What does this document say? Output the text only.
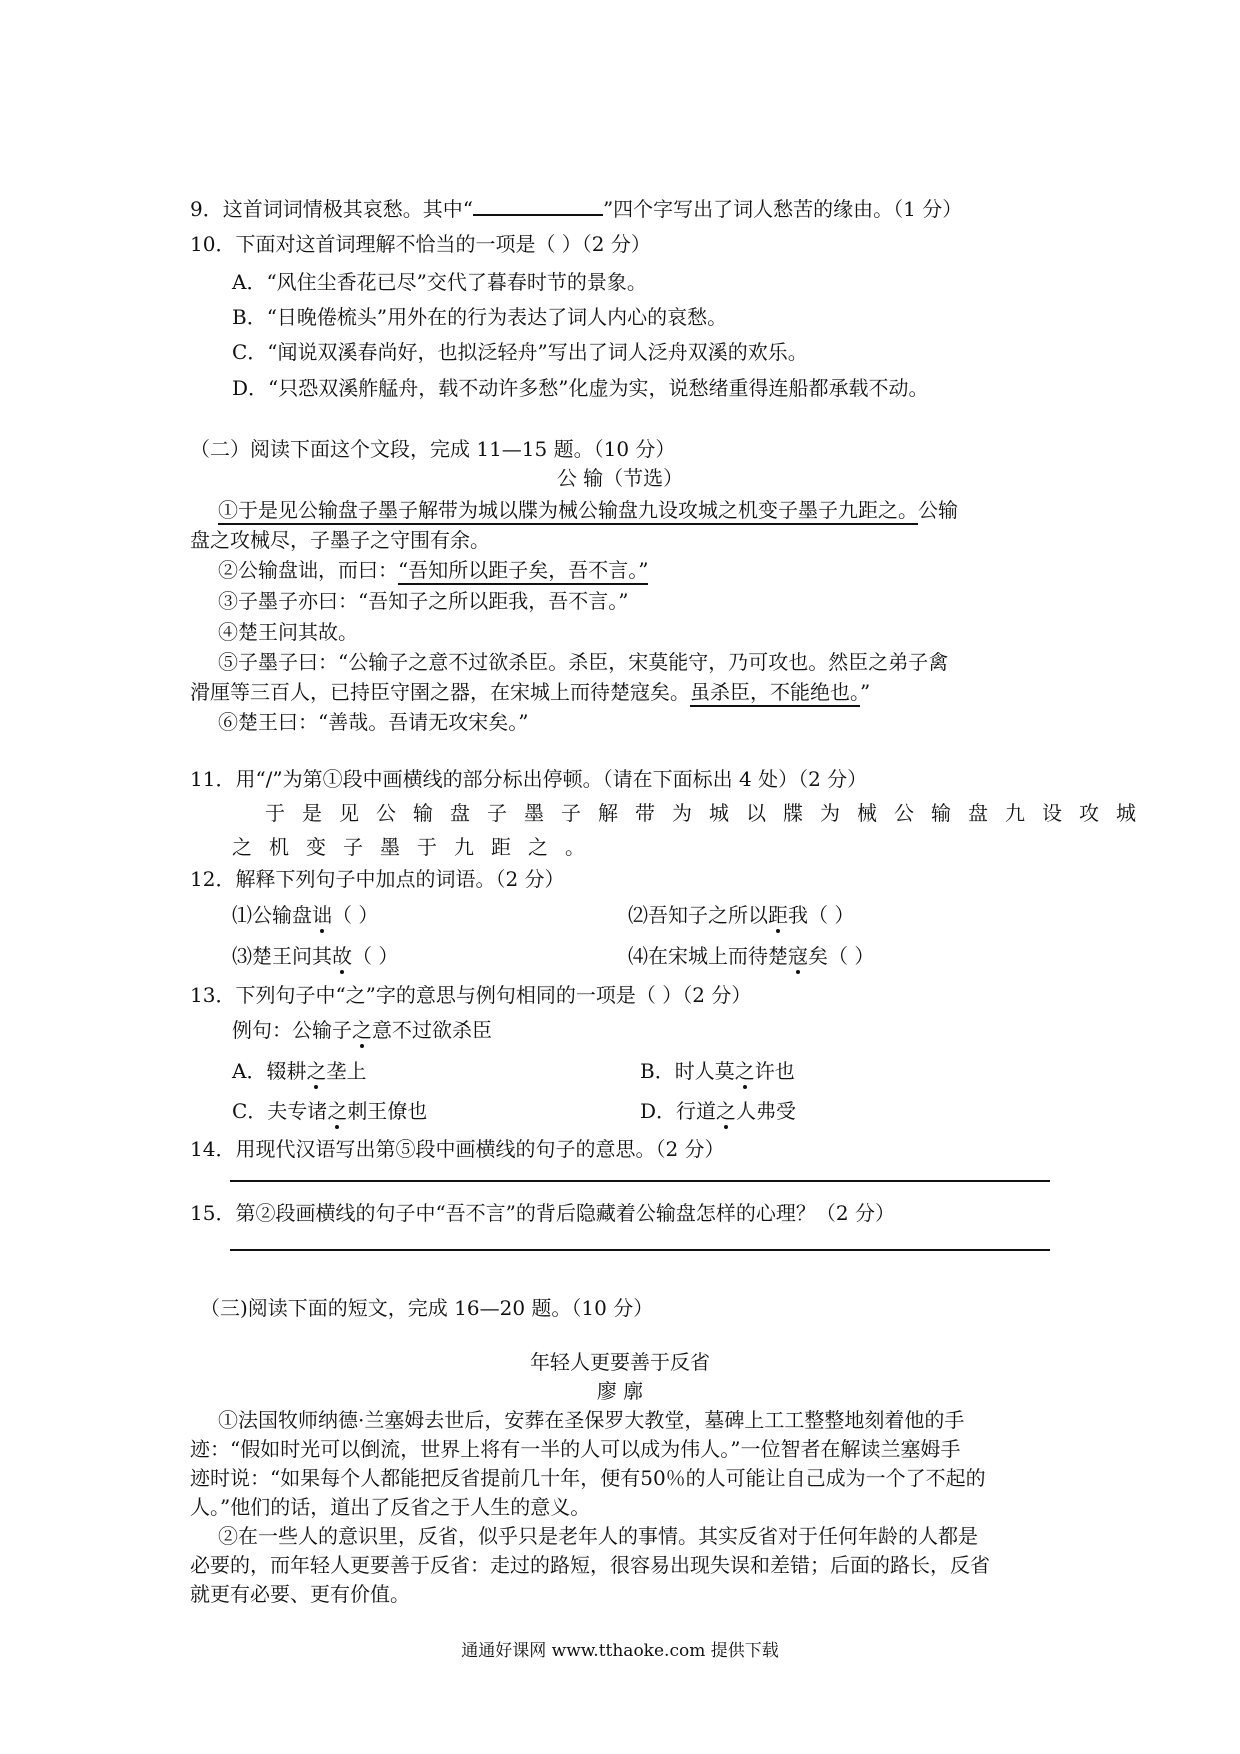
9．这首词词情极其哀愁。其中“	”四个字写出了词人愁苦的缘由。（1 分）
10．下面对这首词理解不恰当的一项是（ ）（2 分）
A．“风住尘香花已尽”交代了暮春时节的景象。
B．“日晚倦梳头”用外在的行为表达了词人内心的哀愁。
C．“闻说双溪春尚好，也拟泛轻舟”写出了词人泛舟双溪的欢乐。
D．“只恐双溪舴艋舟，载不动许多愁”化虚为实，说愁绪重得连船都承载不动。
（二）阅读下面这个文段，完成 11—15 题。（10 分）
公 输（节选）
①于是见公输盘子墨子解带为城以牒为械公输盘九设攻城之机变子墨子九距之。公输
盘之攻械尽，子墨子之守围有余。
②公输盘诎，而曰：“吾知所以距子矣，吾不言。”
③子墨子亦曰：“吾知子之所以距我，吾不言。”
④楚王问其故。
⑤子墨子曰：“公输子之意不过欲杀臣。杀臣，宋莫能守，乃可攻也。然臣之弟子禽
滑厘等三百人，已持臣守圉之器，在宋城上而待楚寇矣。虽杀臣，不能绝也。”
⑥楚王曰：“善哉。吾请无攻宋矣。”
11．用“/”为第①段中画横线的部分标出停顿。（请在下面标出 4 处）（2 分）
于是见公输盘子墨子解带为城以牒为械公输盘九设攻城
之机变子墨于九距之。
12．解释下列句子中加点的词语。（2 分）
⑴公输盘诎（ ）	⑵吾知子之所以距我（ ）
⑶楚王问其故（ ）	⑷在宋城上而待楚寇矣（ ）
13．下列句子中“之”字的意思与例句相同的一项是（ ）（2 分）
例句：公输子之意不过欲杀臣
A．辍耕之垄上	B．时人莫之许也
C．夫专诸之刺王僚也	D．行道之人弗受
14．用现代汉语写出第⑤段中画横线的句子的意思。（2 分）
15．第②段画横线的句子中“吾不言”的背后隐藏着公输盘怎样的心理？（2 分）
（三)阅读下面的短文，完成 16—20 题。（10 分）
年轻人更要善于反省
廖 廓
①法国牧师纳德·兰塞姆去世后，安葬在圣保罗大教堂，墓碑上工工整整地刻着他的手
迹：“假如时光可以倒流，世界上将有一半的人可以成为伟人。”一位智者在解读兰塞姆手
迹时说：“如果每个人都能把反省提前几十年，便有50％的人可能让自己成为一个了不起的
人。”他们的话，道出了反省之于人生的意义。
②在一些人的意识里，反省，似乎只是老年人的事情。其实反省对于任何年龄的人都是
必要的，而年轻人更要善于反省：走过的路短，很容易出现失误和差错；后面的路长，反省
就更有必要、更有价值。
通通好课网 www.tthaoke.com 提供下载
